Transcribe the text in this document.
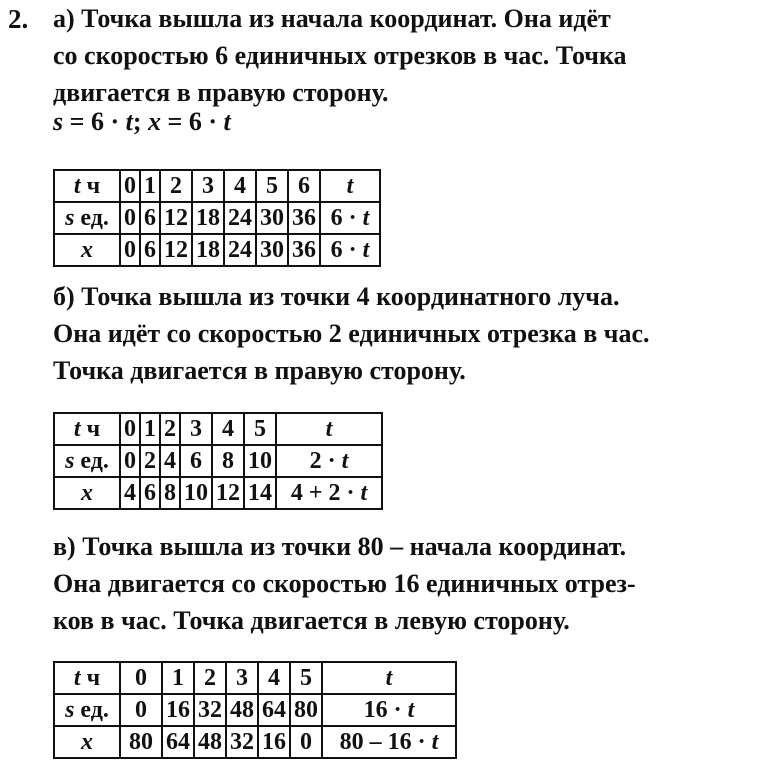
2. а) Точка вышла из начала координат. Она идёт
со скоростью 6 единичных отрезков в час. Точка
двигается в правую сторону.
s = 6 · t; x = 6 · t
t ч	0	1	2	3	4	5	6	t
s ед.	0	6	12	18	24	30	36	6 · t
x	0	6	12	18	24	30	36	6 · t
б) Точка вышла из точки 4 координатного луча.
Она идёт со скоростью 2 единичных отрезка в час.
Точка двигается в правую сторону.
t ч	0	1	2	3	4	5	t
s ед.	0	2	4	6	8	10	2 · t
x	4	6	8	10	12	14	4 + 2 · t
в) Точка вышла из точки 80 – начала координат.
Она двигается со скоростью 16 единичных отрез-
ков в час. Точка двигается в левую сторону.
t ч	0	1	2	3	4	5	t
s ед.	0	16	32	48	64	80	16 · t
x	80	64	48	32	16	0	80 – 16 · t
